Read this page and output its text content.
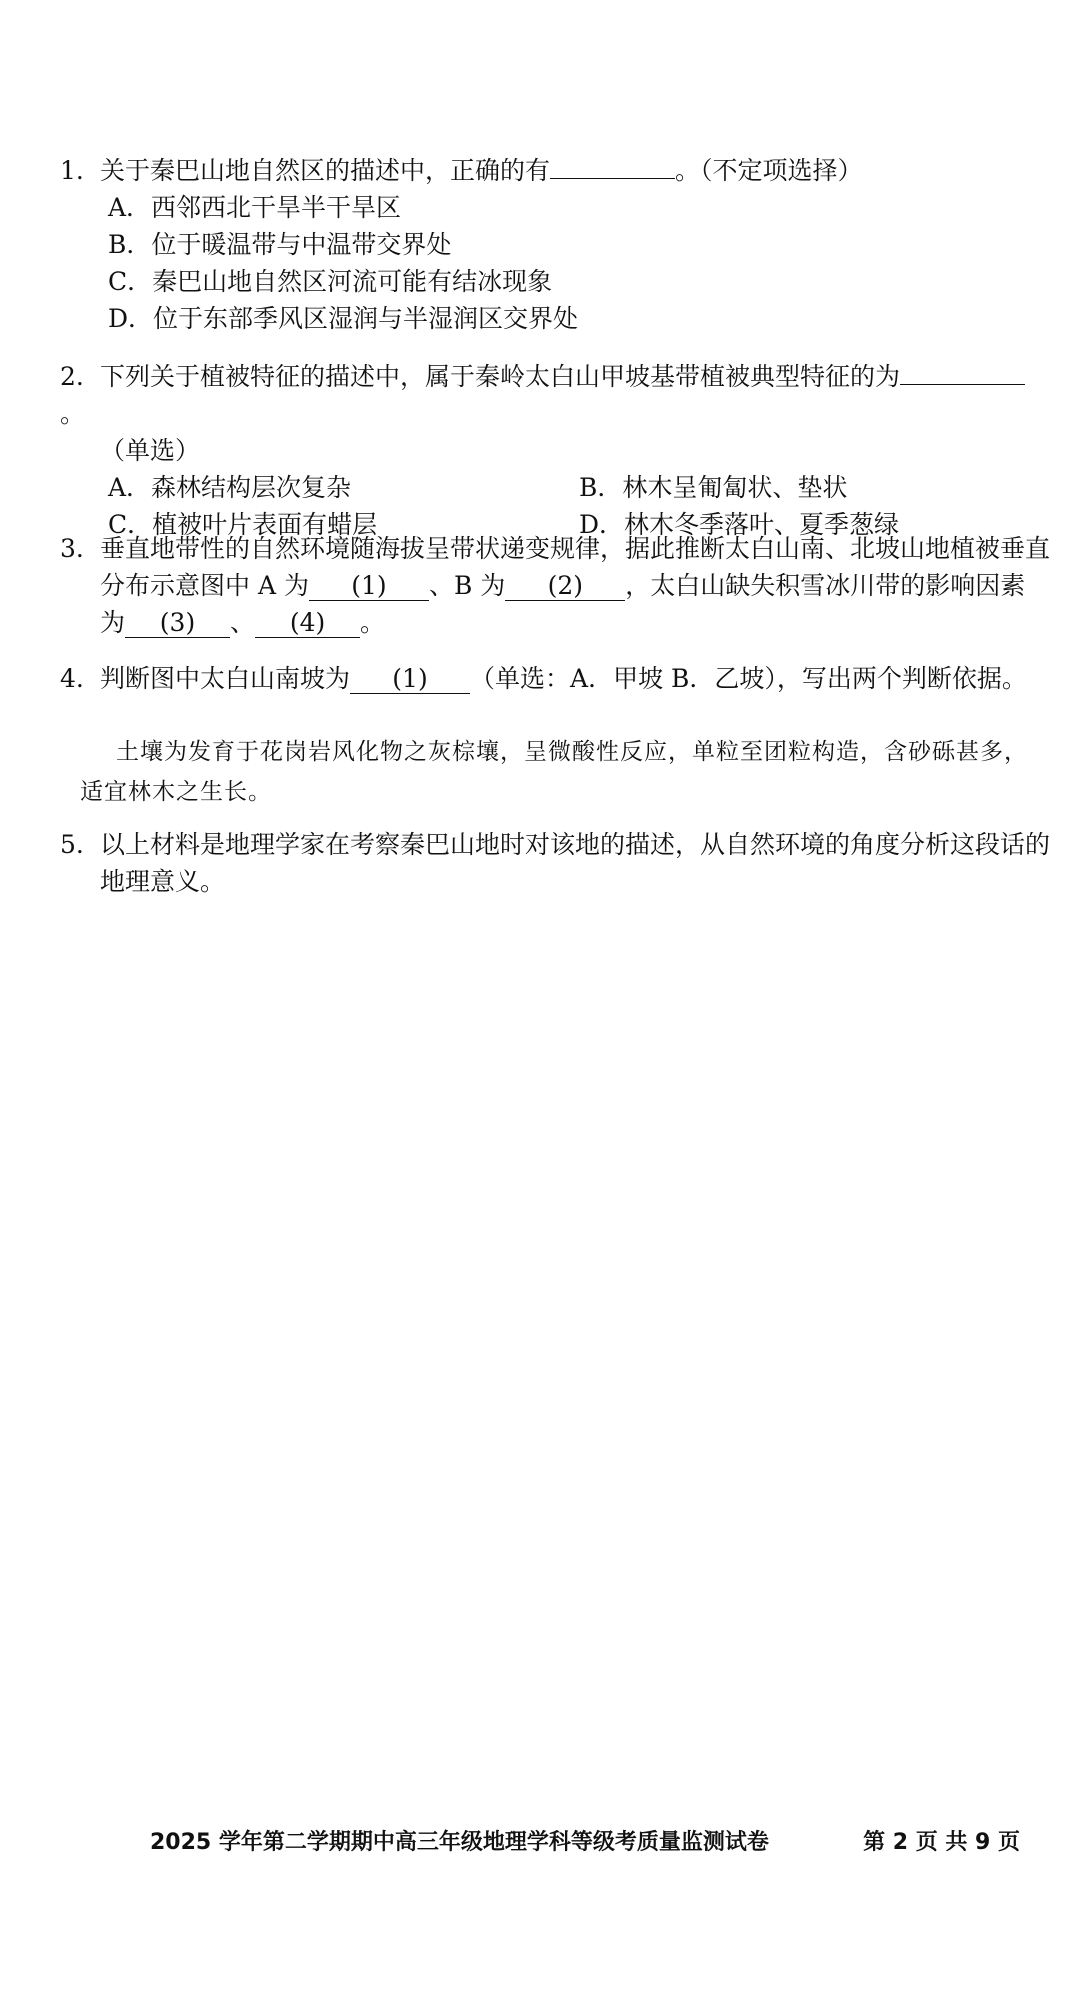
1. 关于秦巴山地自然区的描述中，正确的有	。（不定项选择）
A．西邻西北干旱半干旱区
B．位于暖温带与中温带交界处
C．秦巴山地自然区河流可能有结冰现象
D．位于东部季风区湿润与半湿润区交界处
2. 下列关于植被特征的描述中，属于秦岭太白山甲坡基带植被典型特征的为。
（单选）
A．森林结构层次复杂	B．林木呈匍匐状、垫状
C．植被叶片表面有蜡层	D．林木冬季落叶、夏季葱绿
3. 垂直地带性的自然环境随海拔呈带状递变规律，据此推断太白山南、北坡山地植被垂直
分布示意图中 A 为 (1) 、B 为 (2) ，太白山缺失积雪冰川带的影响因素
为 (3) 、 (4) 。
4. 判断图中太白山南坡为 (1) （单选：A．甲坡 B．乙坡），写出两个判断依据。
土壤为发育于花岗岩风化物之灰棕壤，呈微酸性反应，单粒至团粒构造，含砂砾甚多，
适宜林木之生长。
5. 以上材料是地理学家在考察秦巴山地时对该地的描述，从自然环境的角度分析这段话的
地理意义。
2025 学年第二学期期中高三年级地理学科等级考质量监测试卷	第 2 页 共 9 页
